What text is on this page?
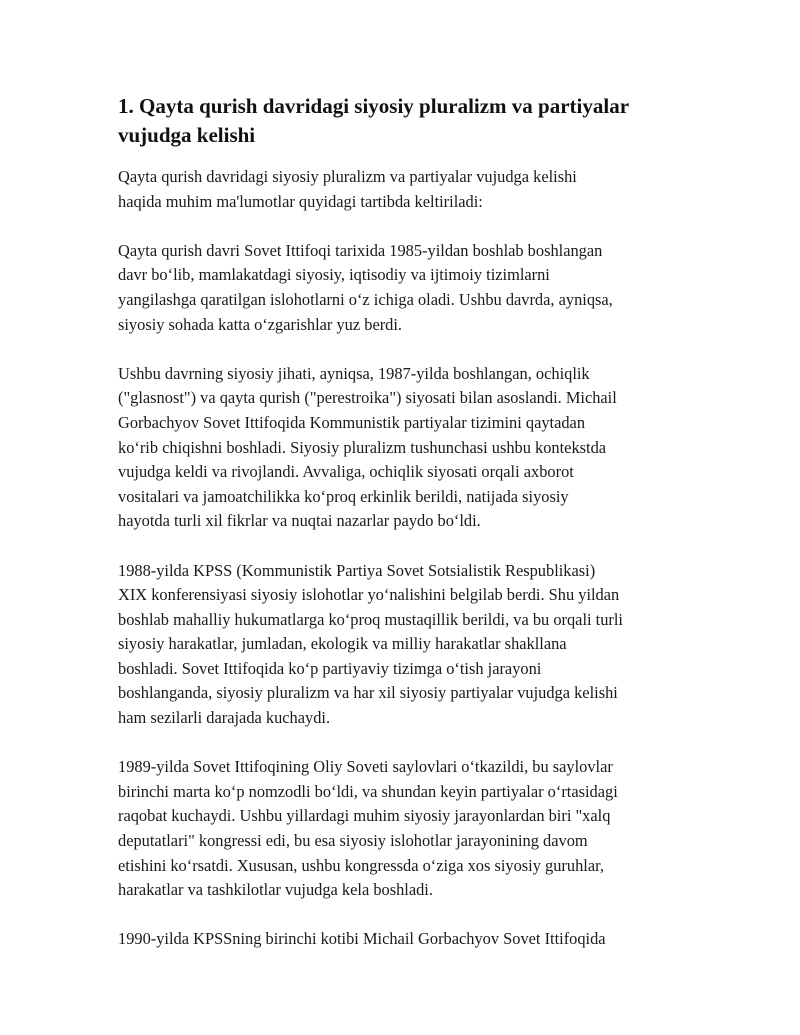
1. Qayta qurish davridagi siyosiy pluralizm va partiyalar
vujudga kelishi

Qayta qurish davridagi siyosiy pluralizm va partiyalar vujudga kelishi
haqida muhim ma'lumotlar quyidagi tartibda keltiriladi:

Qayta qurish davri Sovet Ittifoqi tarixida 1985-yildan boshlab boshlangan
davr bo‘lib, mamlakatdagi siyosiy, iqtisodiy va ijtimoiy tizimlarni
yangilashga qaratilgan islohotlarni o‘z ichiga oladi. Ushbu davrda, ayniqsa,
siyosiy sohada katta o‘zgarishlar yuz berdi.

Ushbu davrning siyosiy jihati, ayniqsa, 1987-yilda boshlangan, ochiqlik
("glasnost") va qayta qurish ("perestroika") siyosati bilan asoslandi. Michail
Gorbachyov Sovet Ittifoqida Kommunistik partiyalar tizimini qaytadan
ko‘rib chiqishni boshladi. Siyosiy pluralizm tushunchasi ushbu kontekstda
vujudga keldi va rivojlandi. Avvaliga, ochiqlik siyosati orqali axborot
vositalari va jamoatchilikka ko‘proq erkinlik berildi, natijada siyosiy
hayotda turli xil fikrlar va nuqtai nazarlar paydo bo‘ldi.

1988-yilda KPSS (Kommunistik Partiya Sovet Sotsialistik Respublikasi)
XIX konferensiyasi siyosiy islohotlar yo‘nalishini belgilab berdi. Shu yildan
boshlab mahalliy hukumatlarga ko‘proq mustaqillik berildi, va bu orqali turli
siyosiy harakatlar, jumladan, ekologik va milliy harakatlar shakllana
boshladi. Sovet Ittifoqida ko‘p partiyaviy tizimga o‘tish jarayoni
boshlanganda, siyosiy pluralizm va har xil siyosiy partiyalar vujudga kelishi
ham sezilarli darajada kuchaydi.

1989-yilda Sovet Ittifoqining Oliy Soveti saylovlari o‘tkazildi, bu saylovlar
birinchi marta ko‘p nomzodli bo‘ldi, va shundan keyin partiyalar o‘rtasidagi
raqobat kuchaydi. Ushbu yillardagi muhim siyosiy jarayonlardan biri "xalq
deputatlari" kongressi edi, bu esa siyosiy islohotlar jarayonining davom
etishini ko‘rsatdi. Xususan, ushbu kongressda o‘ziga xos siyosiy guruhlar,
harakatlar va tashkilotlar vujudga kela boshladi.

1990-yilda KPSSning birinchi kotibi Michail Gorbachyov Sovet Ittifoqida
